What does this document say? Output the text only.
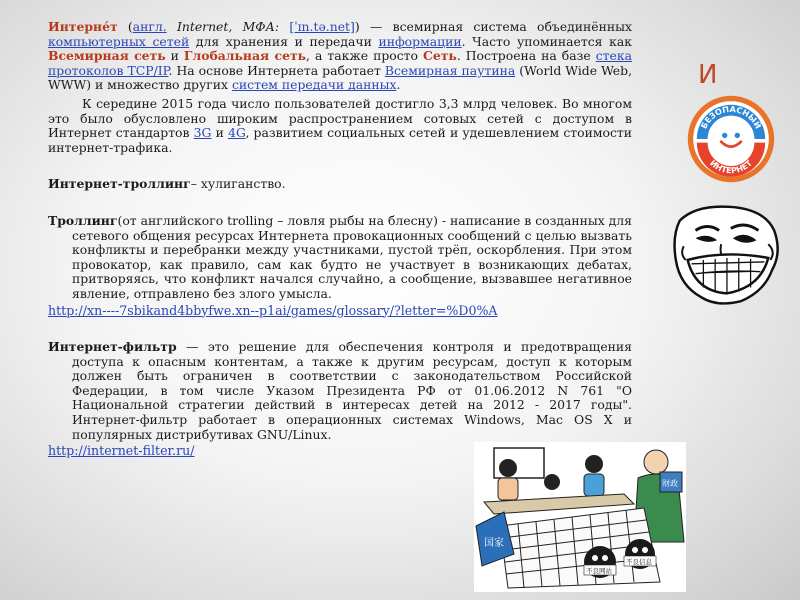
Интерне́т (англ. Internet, МФА: [ˈɪn.tə.net]) — всемирная система объединённых компьютерных сетей для хранения и передачи информации. Часто упоминается как Всемирная сеть и Глобальная сеть, а также просто Сеть. Построена на базе стека протоколов TCP/IP. На основе Интернета работает Всемирная паутина (World Wide Web, WWW) и множество других систем передачи данных.

К середине 2015 года число пользователей достигло 3,3 млрд человек. Во многом это было обусловлено широким распространением сотовых сетей с доступом в Интернет стандартов 3G и 4G, развитием социальных сетей и удешевлением стоимости интернет-трафика.

Интернет-троллинг– хулиганство.

Троллинг(от английского trolling – ловля рыбы на блесну) - написание в созданных для сетевого общения ресурсах Интернета провокационных сообщений с целью вызвать конфликты и перебранки между участниками, пустой трёп, оскорбления. При этом провокатор, как правило, сам как будто не участвует в возникающих дебатах, притворяясь, что конфликт начался случайно, а сообщение, вызвавшее негативное явление, отправлено без злого умысла.

http://xn----7sbikand4bbyfwe.xn--p1ai/games/glossary/?letter=%D0%A

Интернет-фильтр — это решение для обеспечения контроля и предотвращения доступа к опасным контентам, а также к другим ресурсам, доступ к которым должен быть ограничен в соответствии с законодательством Российской Федерации, в том числе Указом Президента РФ от 01.06.2012 N 761 "О Национальной стратегии действий в интересах детей на 2012 - 2017 годы". Интернет-фильтр работает в операционных системах Windows, Mac OS X и популярных дистрибутивах GNU/Linux.

http://internet-filter.ru/

И
БЕЗОПАСНЫЙ
ИНТЕРНЕТ
财政
国家
不良网站
不良信息
